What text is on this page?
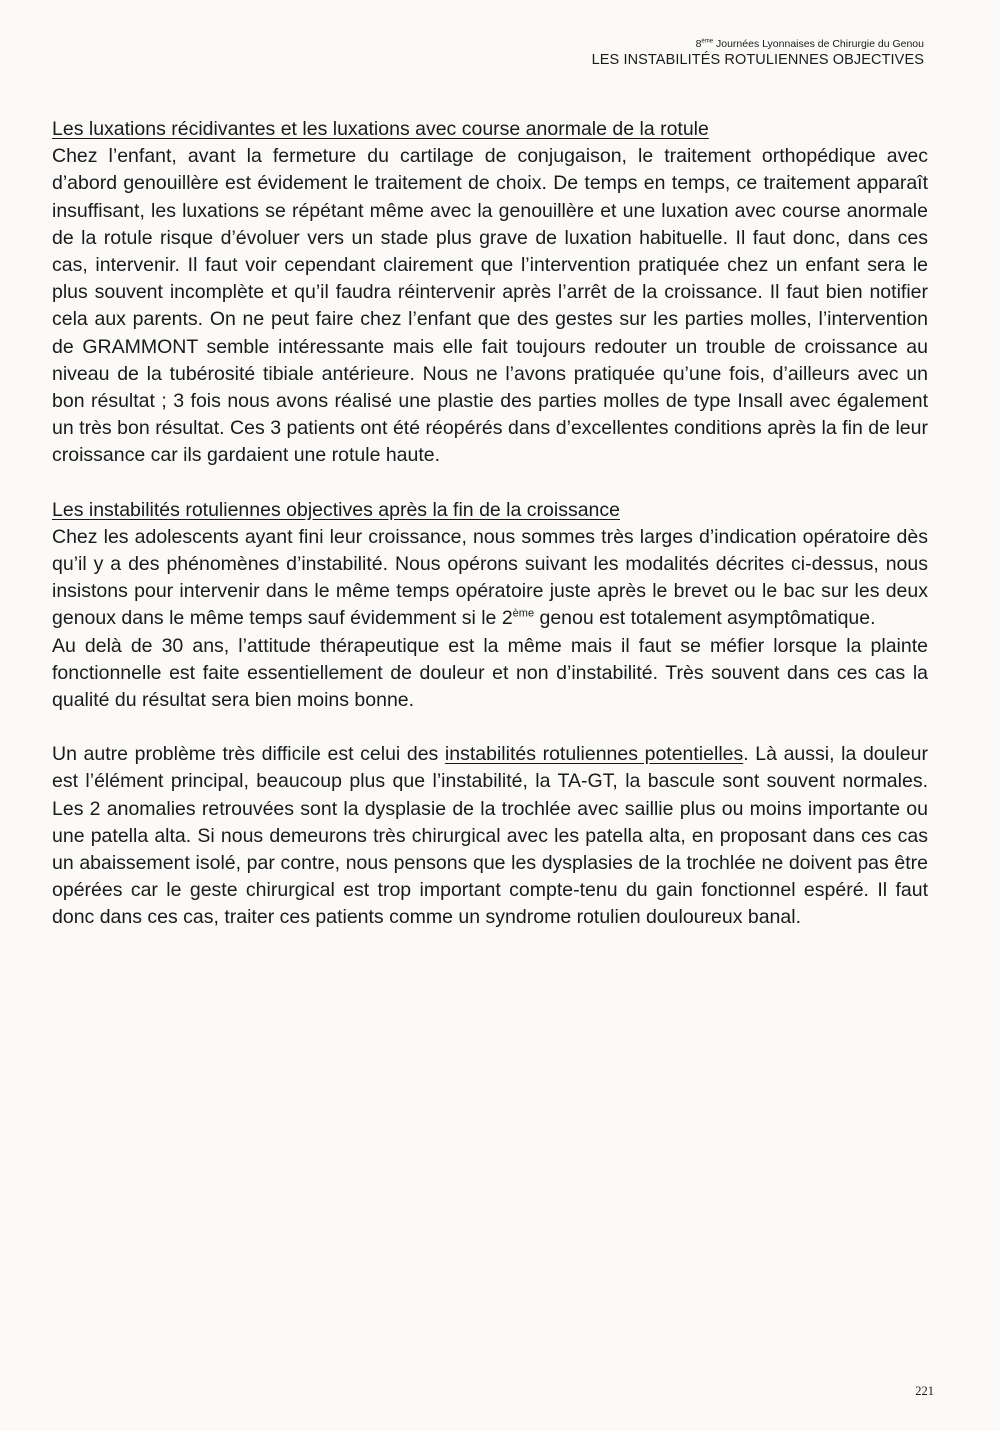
8ème Journées Lyonnaises de Chirurgie du Genou
LES INSTABILITÉS ROTULIENNES OBJECTIVES

Les luxations récidivantes et les luxations avec course anormale de la rotule

Chez l’enfant, avant la fermeture du cartilage de conjugaison, le traitement orthopédique avec d’abord genouillère est évidement le traitement de choix. De temps en temps, ce traitement apparaît insuffisant, les luxations se répétant même avec la genouillère et une luxation avec course anormale de la rotule risque d’évoluer vers un stade plus grave de luxation habituelle. Il faut donc, dans ces cas, intervenir. Il faut voir cependant clairement que l’intervention pratiquée chez un enfant sera le plus souvent incomplète et qu’il faudra réintervenir après l’arrêt de la croissance. Il faut bien notifier cela aux parents. On ne peut faire chez l’enfant que des gestes sur les parties molles, l’intervention de GRAMMONT semble intéressante mais elle fait toujours redouter un trouble de croissance au niveau de la tubérosité tibiale antérieure. Nous ne l’avons pratiquée qu’une fois, d’ailleurs avec un bon résultat ; 3 fois nous avons réalisé une plastie des parties molles de type Insall avec également un très bon résultat. Ces 3 patients ont été réopérés dans d’excellentes conditions après la fin de leur croissance car ils gardaient une rotule haute.

Les instabilités rotuliennes objectives après la fin de la croissance

Chez les adolescents ayant fini leur croissance, nous sommes très larges d’indication opératoire dès qu’il y a des phénomènes d’instabilité. Nous opérons suivant les modalités décrites ci-dessus, nous insistons pour intervenir dans le même temps opératoire juste après le brevet ou le bac sur les deux genoux dans le même temps sauf évidemment si le 2ème genou est totalement asymptômatique.

Au delà de 30 ans, l’attitude thérapeutique est la même mais il faut se méfier lorsque la plainte fonctionnelle est faite essentiellement de douleur et non d’instabilité. Très souvent dans ces cas la qualité du résultat sera bien moins bonne.

Un autre problème très difficile est celui des instabilités rotuliennes potentielles. Là aussi, la douleur est l’élément principal, beaucoup plus que l’instabilité, la TA-GT, la bascule sont souvent normales. Les 2 anomalies retrouvées sont la dysplasie de la trochlée avec saillie plus ou moins importante ou une patella alta. Si nous demeurons très chirurgical avec les patella alta, en proposant dans ces cas un abaissement isolé, par contre, nous pensons que les dysplasies de la trochlée ne doivent pas être opérées car le geste chirurgical est trop important compte-tenu du gain fonctionnel espéré. Il faut donc dans ces cas, traiter ces patients comme un syndrome rotulien douloureux banal.

221
